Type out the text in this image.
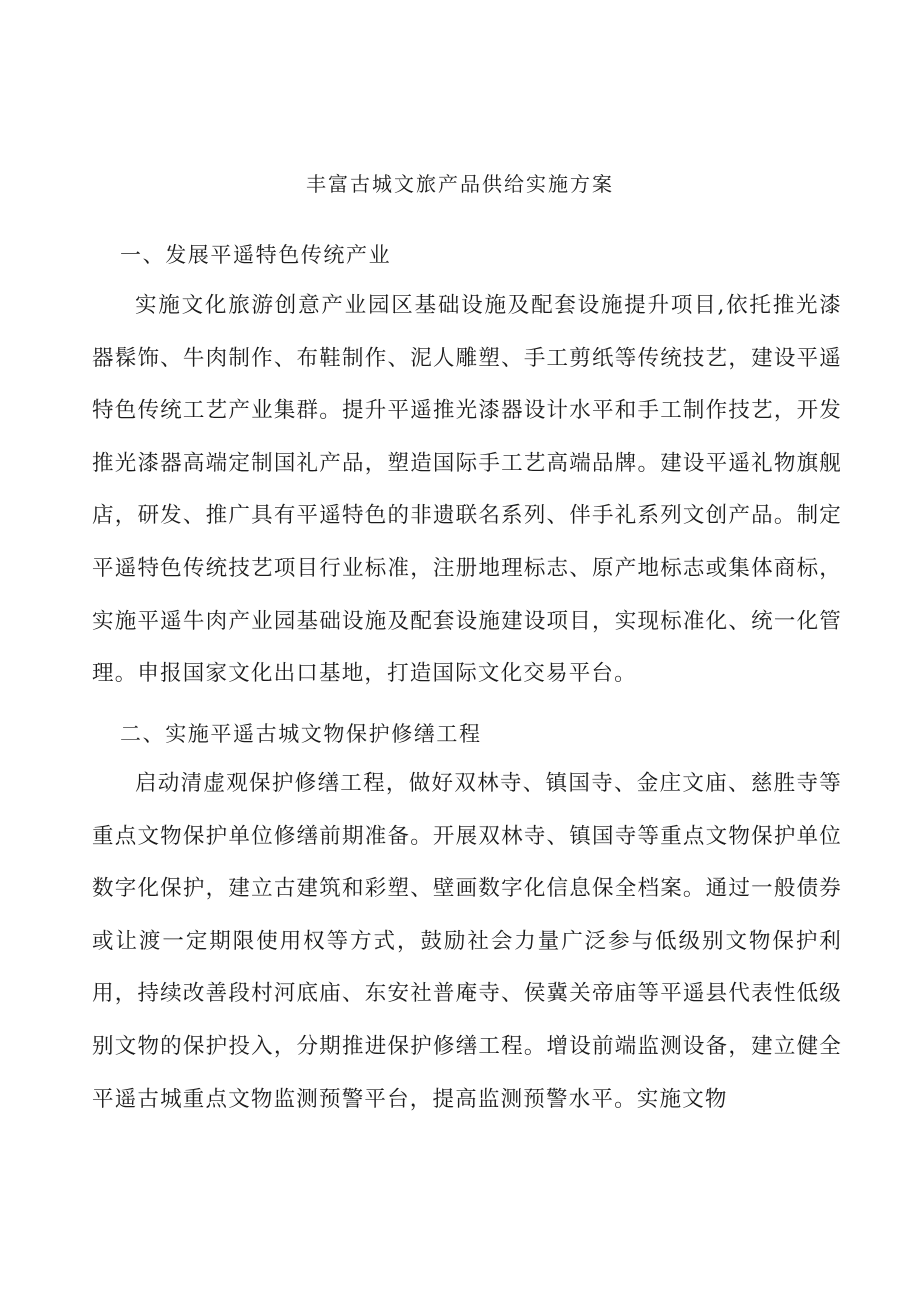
丰富古城文旅产品供给实施方案
一、发展平遥特色传统产业

实施文化旅游创意产业园区基础设施及配套设施提升项目,依托推光漆器髹饰、牛肉制作、布鞋制作、泥人雕塑、手工剪纸等传统技艺，建设平遥特色传统工艺产业集群。提升平遥推光漆器设计水平和手工制作技艺，开发推光漆器高端定制国礼产品，塑造国际手工艺高端品牌。建设平遥礼物旗舰店，研发、推广具有平遥特色的非遗联名系列、伴手礼系列文创产品。制定平遥特色传统技艺项目行业标准，注册地理标志、原产地标志或集体商标，实施平遥牛肉产业园基础设施及配套设施建设项目，实现标准化、统一化管理。申报国家文化出口基地，打造国际文化交易平台。

二、实施平遥古城文物保护修缮工程

启动清虚观保护修缮工程，做好双林寺、镇国寺、金庄文庙、慈胜寺等重点文物保护单位修缮前期准备。开展双林寺、镇国寺等重点文物保护单位数字化保护，建立古建筑和彩塑、壁画数字化信息保全档案。通过一般债券或让渡一定期限使用权等方式，鼓励社会力量广泛参与低级别文物保护利用，持续改善段村河底庙、东安社普庵寺、侯冀关帝庙等平遥县代表性低级别文物的保护投入，分期推进保护修缮工程。增设前端监测设备，建立健全平遥古城重点文物监测预警平台，提高监测预警水平。实施文物
